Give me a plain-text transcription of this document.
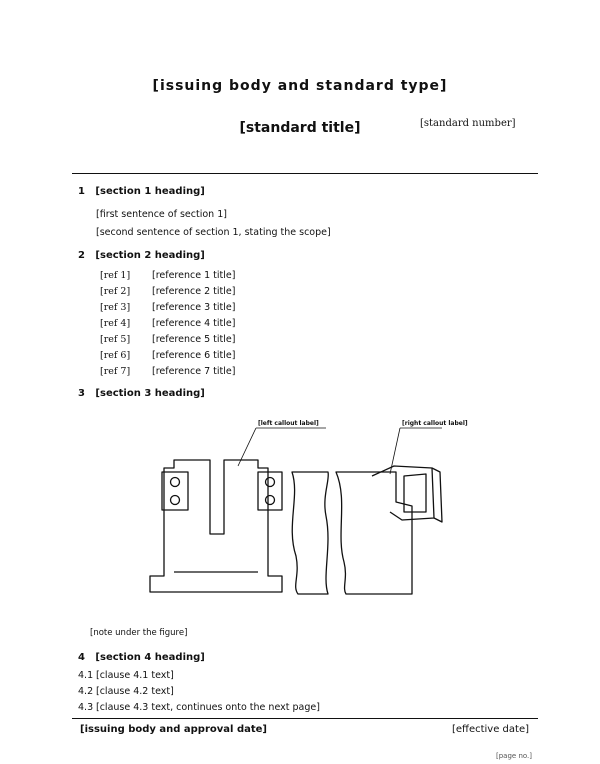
[issuing body and standard type]
[standard number]
[standard title]
1 [section 1 heading]
[first sentence of section 1]
[second sentence of section 1, stating the scope]
2 [section 2 heading]
[ref 1] [reference 1 title]
[ref 2] [reference 2 title]
[ref 3] [reference 3 title]
[ref 4] [reference 4 title]
[ref 5] [reference 5 title]
[ref 6] [reference 6 title]
[ref 7] [reference 7 title]
3 [section 3 heading]
[left callout label]	[right callout label]
[note under the figure]
4 [section 4 heading]
4.1 [clause 4.1 text]
4.2 [clause 4.2 text]
4.3 [clause 4.3 text, continues onto the next page]
[issuing body and approval date]	[effective date]
[page no.]
